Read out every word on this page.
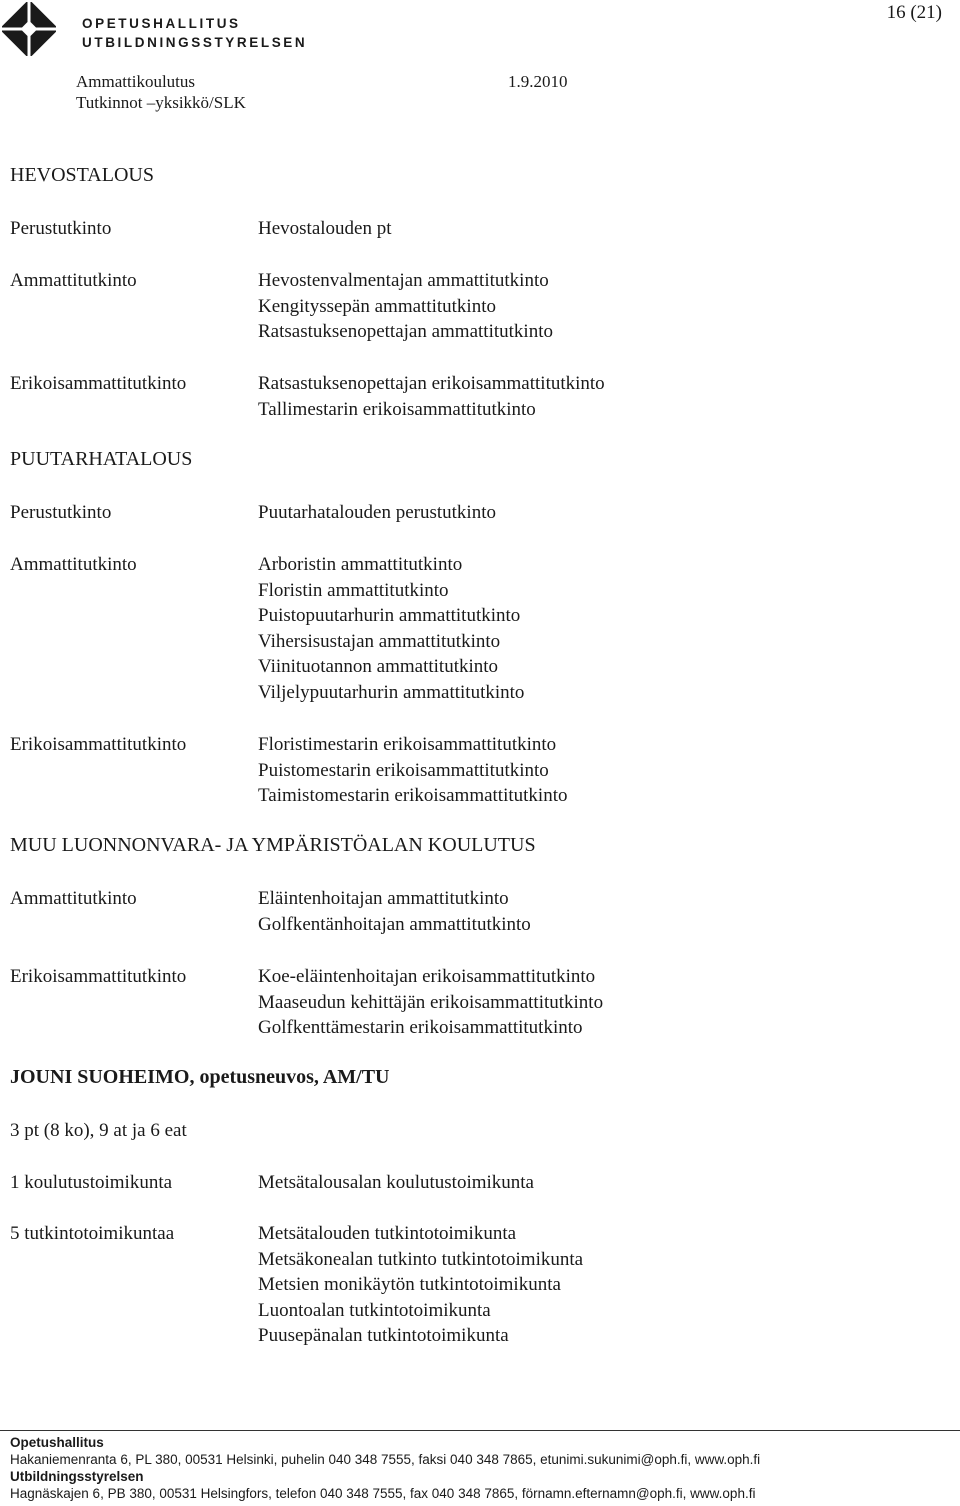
OPETUSHALLITUS
UTBILDNINGSSTYRELSEN
16 (21)
Ammattikoulutus
Tutkinnot –yksikkö/SLK
1.9.2010
HEVOSTALOUS
Perustutkinto	Hevostalouden pt
Ammattitutkinto	Hevostenvalmentajan ammattitutkinto
Kengityssepän ammattitutkinto
Ratsastuksenopettajan ammattitutkinto
Erikoisammattitutkinto	Ratsastuksenopettajan erikoisammattitutkinto
Tallimestarin erikoisammattitutkinto
PUUTARHATALOUS
Perustutkinto	Puutarhatalouden perustutkinto
Ammattitutkinto	Arboristin ammattitutkinto
Floristin ammattitutkinto
Puistopuutarhurin ammattitutkinto
Vihersisustajan ammattitutkinto
Viinituotannon ammattitutkinto
Viljelypuutarhurin ammattitutkinto
Erikoisammattitutkinto	Floristimestarin erikoisammattitutkinto
Puistomestarin erikoisammattitutkinto
Taimistomestarin erikoisammattitutkinto
MUU LUONNONVARA- JA YMPÄRISTÖALAN KOULUTUS
Ammattitutkinto	Eläintenhoitajan ammattitutkinto
Golfkentänhoitajan ammattitutkinto
Erikoisammattitutkinto	Koe-eläintenhoitajan erikoisammattitutkinto
Maaseudun kehittäjän erikoisammattitutkinto
Golfkenttämestarin erikoisammattitutkinto
JOUNI SUOHEIMO, opetusneuvos, AM/TU
3 pt (8 ko), 9 at ja 6 eat
1 koulutustoimikunta	Metsätalousalan koulutustoimikunta
5 tutkintotoimikuntaa	Metsätalouden tutkintotoimikunta
Metsäkonealan tutkinto tutkintotoimikunta
Metsien monikäytön tutkintotoimikunta
Luontoalan tutkintotoimikunta
Puusepänalan tutkintotoimikunta
Opetushallitus
Hakaniemenranta 6, PL 380, 00531 Helsinki, puhelin 040 348 7555, faksi 040 348 7865, etunimi.sukunimi@oph.fi, www.oph.fi
Utbildningsstyrelsen
Hagnäskajen 6, PB 380, 00531 Helsingfors, telefon 040 348 7555, fax 040 348 7865, förnamn.efternamn@oph.fi, www.oph.fi
